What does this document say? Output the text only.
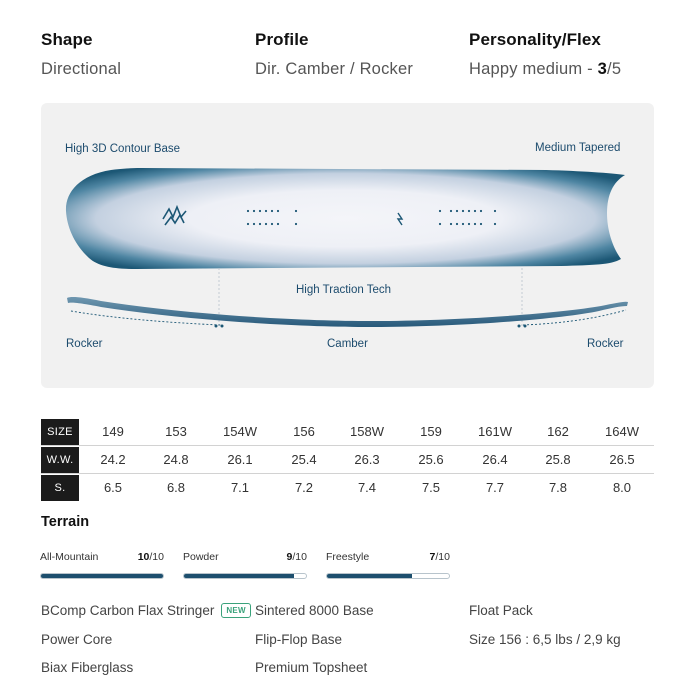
Shape
Directional
Profile
Dir. Camber / Rocker
Personality/Flex
Happy medium - 3/5
High 3D Contour Base	Medium Tapered
High Traction Tech
Rocker	Camber	Rocker
SIZE	149	153	154W	156	158W	159	161W	162	164W
W.W.	24.2	24.8	26.1	25.4	26.3	25.6	26.4	25.8	26.5
S.	6.5	6.8	7.1	7.2	7.4	7.5	7.7	7.8	8.0
Terrain
All-Mountain	10/10 Powder	9/10 Freestyle	7/10
BComp Carbon Flax Stringer NEW
Power Core
Biax Fiberglass
Sintered 8000 Base
Flip-Flop Base
Premium Topsheet
Float Pack
Size 156 : 6,5 lbs / 2,9 kg
